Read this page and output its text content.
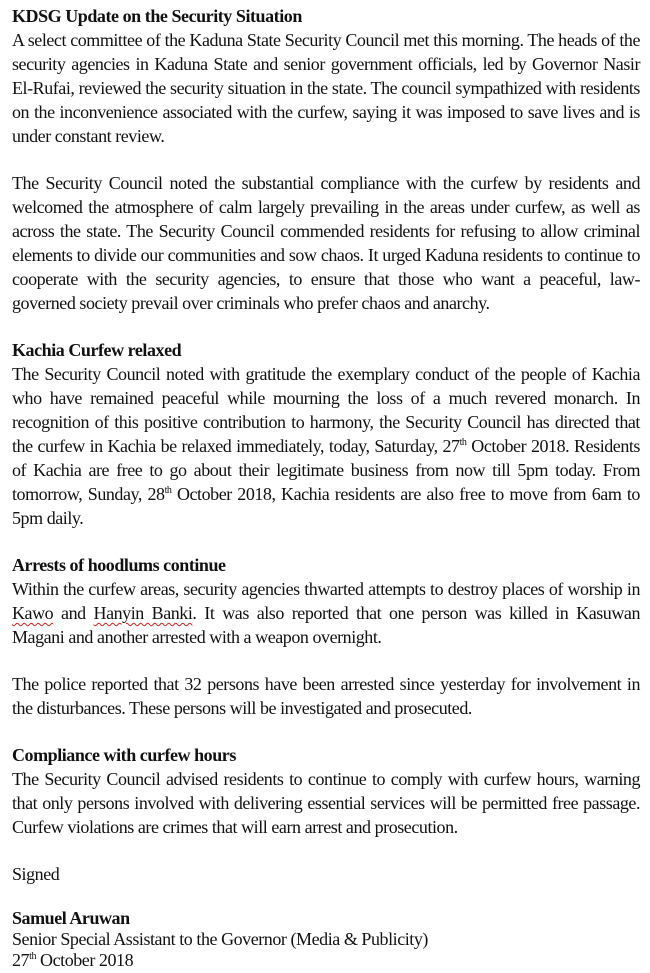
KDSG Update on the Security Situation

A select committee of the Kaduna State Security Council met this morning. The heads of the security agencies in Kaduna State and senior government officials, led by Governor Nasir El-Rufai, reviewed the security situation in the state. The council sympathized with residents on the inconvenience associated with the curfew, saying it was imposed to save lives and is under constant review.

The Security Council noted the substantial compliance with the curfew by residents and welcomed the atmosphere of calm largely prevailing in the areas under curfew, as well as across the state. The Security Council commended residents for refusing to allow criminal elements to divide our communities and sow chaos. It urged Kaduna residents to continue to cooperate with the security agencies, to ensure that those who want a peaceful, law-governed society prevail over criminals who prefer chaos and anarchy.

Kachia Curfew relaxed

The Security Council noted with gratitude the exemplary conduct of the people of Kachia who have remained peaceful while mourning the loss of a much revered monarch. In recognition of this positive contribution to harmony, the Security Council has directed that the curfew in Kachia be relaxed immediately, today, Saturday, 27th October 2018. Residents of Kachia are free to go about their legitimate business from now till 5pm today. From tomorrow, Sunday, 28th October 2018, Kachia residents are also free to move from 6am to 5pm daily.

Arrests of hoodlums continue

Within the curfew areas, security agencies thwarted attempts to destroy places of worship in Kawo and Hanyin Banki. It was also reported that one person was killed in Kasuwan Magani and another arrested with a weapon overnight.

The police reported that 32 persons have been arrested since yesterday for involvement in the disturbances. These persons will be investigated and prosecuted.

Compliance with curfew hours

The Security Council advised residents to continue to comply with curfew hours, warning that only persons involved with delivering essential services will be permitted free passage. Curfew violations are crimes that will earn arrest and prosecution.

Signed

Samuel Aruwan

Senior Special Assistant to the Governor (Media & Publicity)

27th October 2018
